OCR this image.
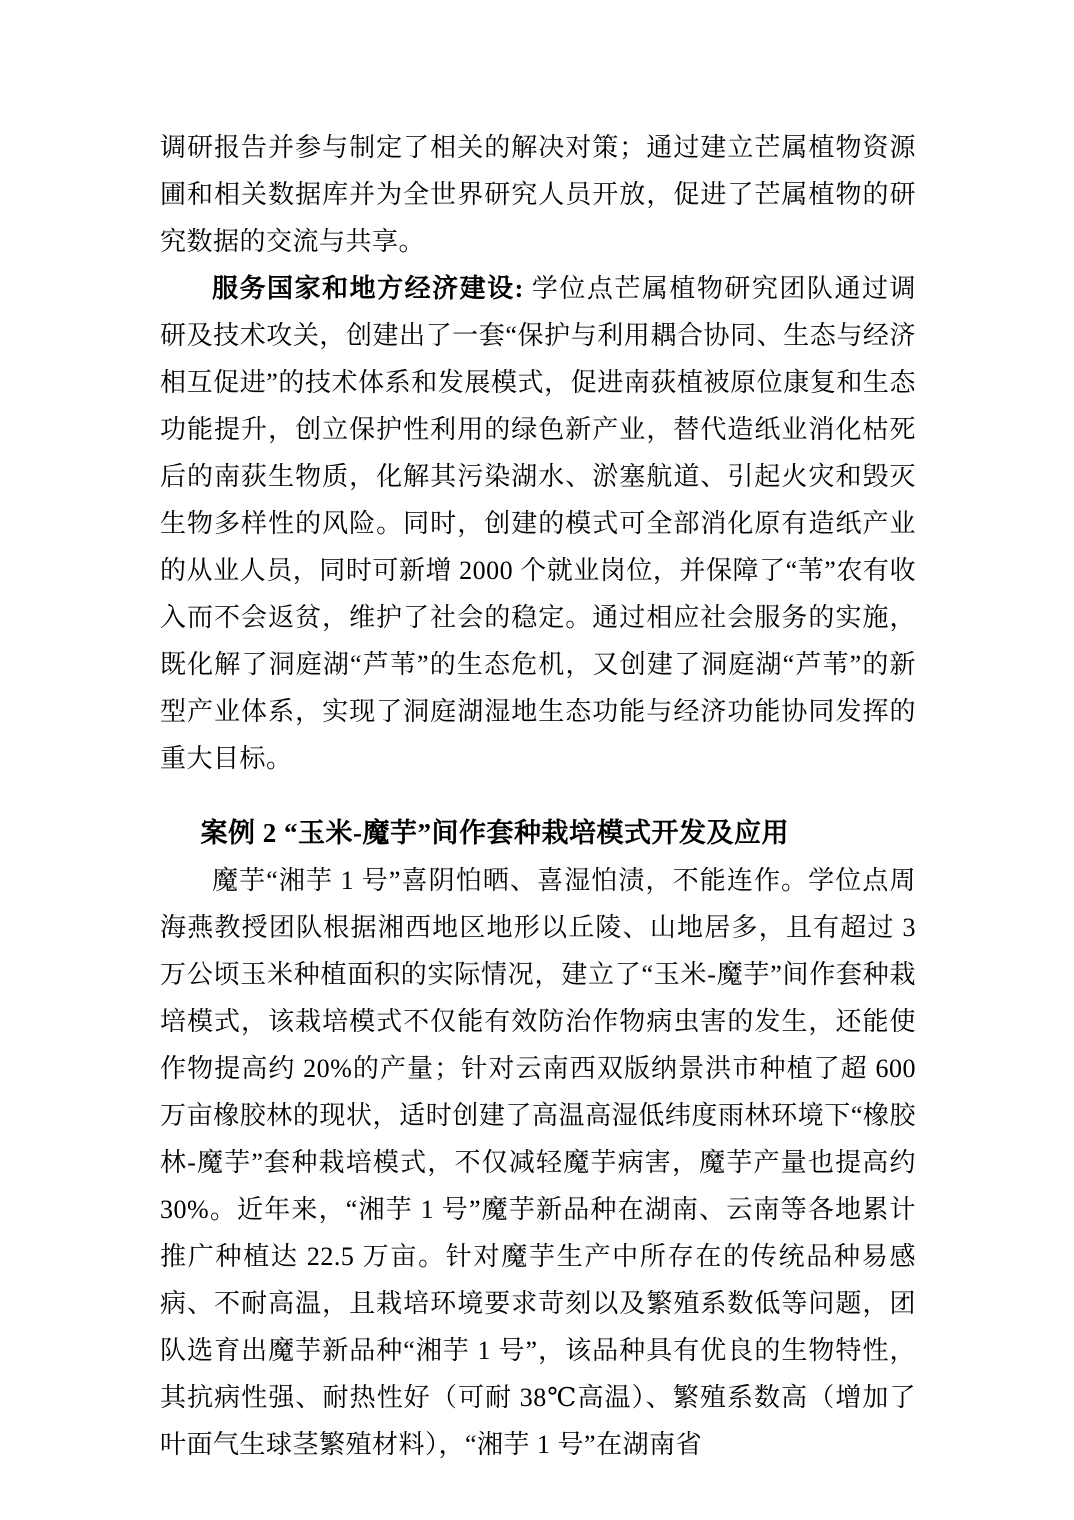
调研报告并参与制定了相关的解决对策；通过建立芒属植物资源圃和相关数据库并为全世界研究人员开放，促进了芒属植物的研究数据的交流与共享。

服务国家和地方经济建设: 学位点芒属植物研究团队通过调研及技术攻关，创建出了一套“保护与利用耦合协同、生态与经济相互促进”的技术体系和发展模式，促进南荻植被原位康复和生态功能提升，创立保护性利用的绿色新产业，替代造纸业消化枯死后的南荻生物质，化解其污染湖水、淤塞航道、引起火灾和毁灭生物多样性的风险。同时，创建的模式可全部消化原有造纸产业的从业人员，同时可新增 2000 个就业岗位，并保障了“苇”农有收入而不会返贫，维护了社会的稳定。通过相应社会服务的实施，既化解了洞庭湖“芦苇”的生态危机，又创建了洞庭湖“芦苇”的新型产业体系，实现了洞庭湖湿地生态功能与经济功能协同发挥的重大目标。

案例 2 “玉米-魔芋”间作套种栽培模式开发及应用

魔芋“湘芋 1 号”喜阴怕晒、喜湿怕渍，不能连作。学位点周海燕教授团队根据湘西地区地形以丘陵、山地居多，且有超过 3 万公顷玉米种植面积的实际情况，建立了“玉米-魔芋”间作套种栽培模式，该栽培模式不仅能有效防治作物病虫害的发生，还能使作物提高约 20%的产量；针对云南西双版纳景洪市种植了超 600 万亩橡胶林的现状，适时创建了高温高湿低纬度雨林环境下“橡胶林-魔芋”套种栽培模式，不仅减轻魔芋病害，魔芋产量也提高约 30%。近年来，“湘芋 1 号”魔芋新品种在湖南、云南等各地累计推广种植达 22.5 万亩。针对魔芋生产中所存在的传统品种易感病、不耐高温，且栽培环境要求苛刻以及繁殖系数低等问题，团队选育出魔芋新品种“湘芋 1 号”，该品种具有优良的生物特性，其抗病性强、耐热性好（可耐 38℃高温）、繁殖系数高（增加了叶面气生球茎繁殖材料），“湘芋 1 号”在湖南省
